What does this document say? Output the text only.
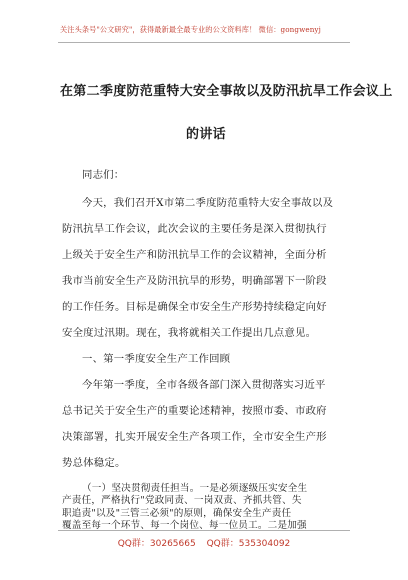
关注头条号"公文研究"，获得最新最全最专业的公文资料库！ 微信：gongwenyj
在第二季度防范重特大安全事故以及防汛抗旱工作会议上
的讲话
同志们：
今天，我们召开X市第二季度防范重特大安全事故以及
防汛抗旱工作会议，此次会议的主要任务是深入贯彻执行
上级关于安全生产和防汛抗旱工作的会议精神，全面分析
我市当前安全生产及防汛抗旱的形势，明确部署下一阶段
的工作任务。目标是确保全市安全生产形势持续稳定向好
安全度过汛期。现在，我将就相关工作提出几点意见。
一、第一季度安全生产工作回顾
今年第一季度，全市各级各部门深入贯彻落实习近平
总书记关于安全生产的重要论述精神，按照市委、市政府
决策部署，扎实开展安全生产各项工作，全市安全生产形
势总体稳定。
QQ群：30265665 QQ群：535304092
（一）坚决贯彻责任担当。一是必须逐级压实安全生
产责任，严格执行"党政同责、一岗双责、齐抓共管、失
职追责"以及"三管三必须"的原则，确保安全生产责任
覆盖至每一个环节、每一个岗位、每一位员工。二是加强
